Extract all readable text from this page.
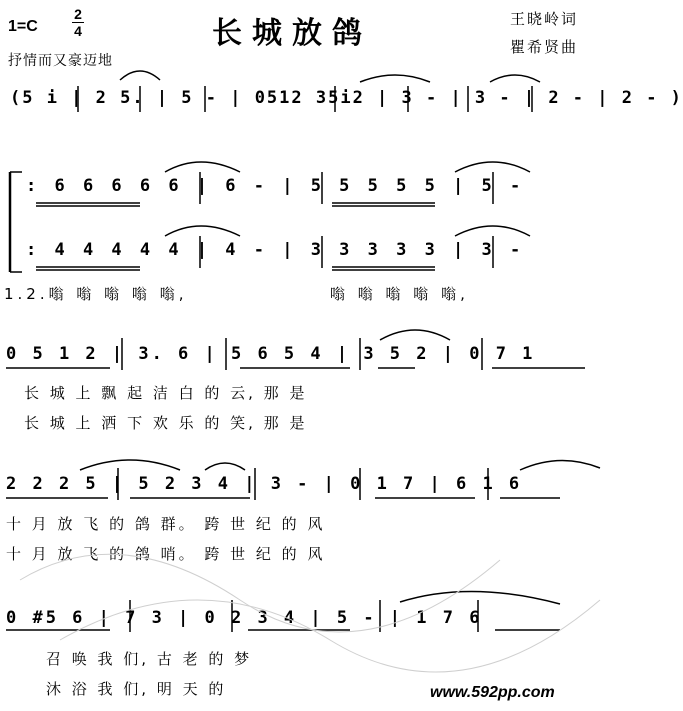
1=C
2
4	长城放鸽	王晓岭词
瞿希贤曲
抒情而又豪迈地
(5 i | 2 5. | 5 - | 0512 35i2 | 3 - | 3 - | 2 - | 2 - )
: 6 6 6 6 6 | 6 - | 5 5 5 5 5 | 5 -
: 4 4 4 4 4 | 4 - | 3 3 3 3 3 | 3 -
1.2.嗡 嗡 嗡 嗡 嗡,	嗡 嗡 嗡 嗡 嗡,
0 5 1 2 | 3. 6 | 5 6 5 4 | 3 5 2 | 0 7 1
长 城 上 飘 起 洁 白 的 云, 那 是
长 城 上 洒 下 欢 乐 的 笑, 那 是
2 2 2 5 | 5 2 3 4 | 3 - | 0 1 7 | 6 1 6
十 月 放 飞 的 鸽 群。 跨 世 纪 的 风
十 月 放 飞 的 鸽 哨。 跨 世 纪 的 风
0 #5 6 | 7 3 | 0 2 3 4 | 5 - | 1 7 6
召 唤 我 们, 古 老 的 梦
沐 浴 我 们, 明 天 的	www.592pp.com
